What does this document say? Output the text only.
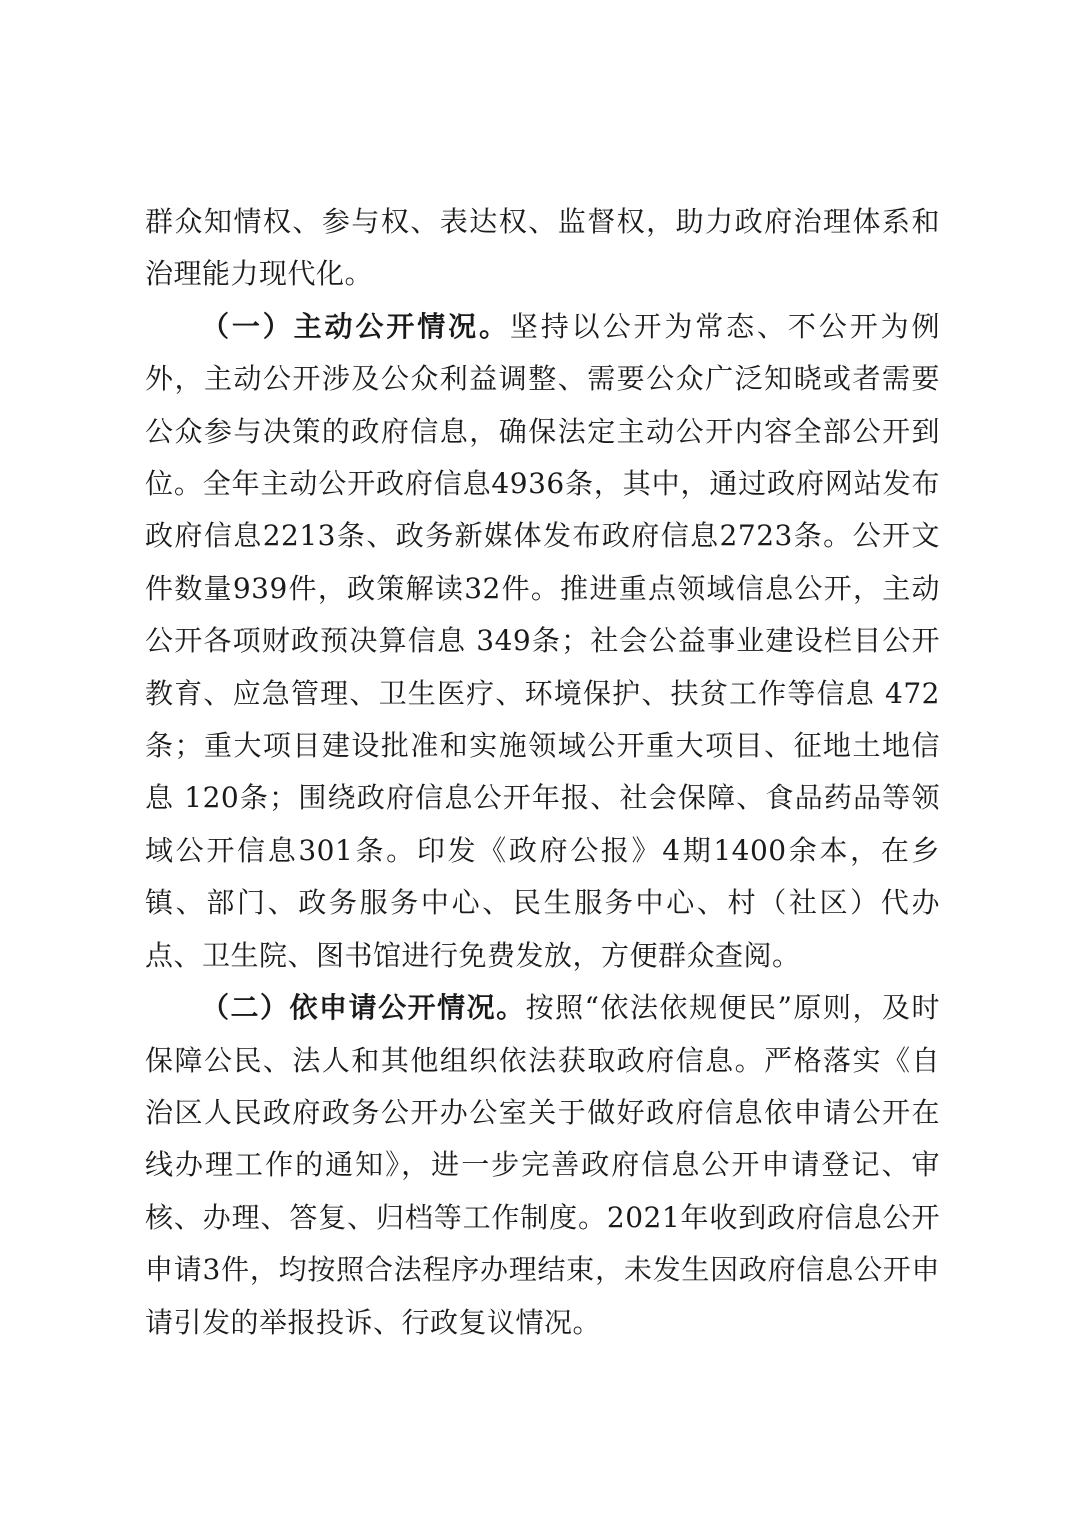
群众知情权、参与权、表达权、监督权，助力政府治理体系和治理能力现代化。

（一）主动公开情况。坚持以公开为常态、不公开为例外，主动公开涉及公众利益调整、需要公众广泛知晓或者需要公众参与决策的政府信息，确保法定主动公开内容全部公开到位。全年主动公开政府信息4936条，其中，通过政府网站发布政府信息2213条、政务新媒体发布政府信息2723条。公开文件数量939件，政策解读32件。推进重点领域信息公开，主动公开各项财政预决算信息 349条；社会公益事业建设栏目公开教育、应急管理、卫生医疗、环境保护、扶贫工作等信息 472条；重大项目建设批准和实施领域公开重大项目、征地土地信息 120条；围绕政府信息公开年报、社会保障、食品药品等领域公开信息301条。印发《政府公报》4期1400余本，在乡镇、部门、政务服务中心、民生服务中心、村（社区）代办点、卫生院、图书馆进行免费发放，方便群众查阅。

（二）依申请公开情况。按照“依法依规便民”原则，及时保障公民、法人和其他组织依法获取政府信息。严格落实《自治区人民政府政务公开办公室关于做好政府信息依申请公开在线办理工作的通知》，进一步完善政府信息公开申请登记、审核、办理、答复、归档等工作制度。2021年收到政府信息公开申请3件，均按照合法程序办理结束，未发生因政府信息公开申请引发的举报投诉、行政复议情况。
